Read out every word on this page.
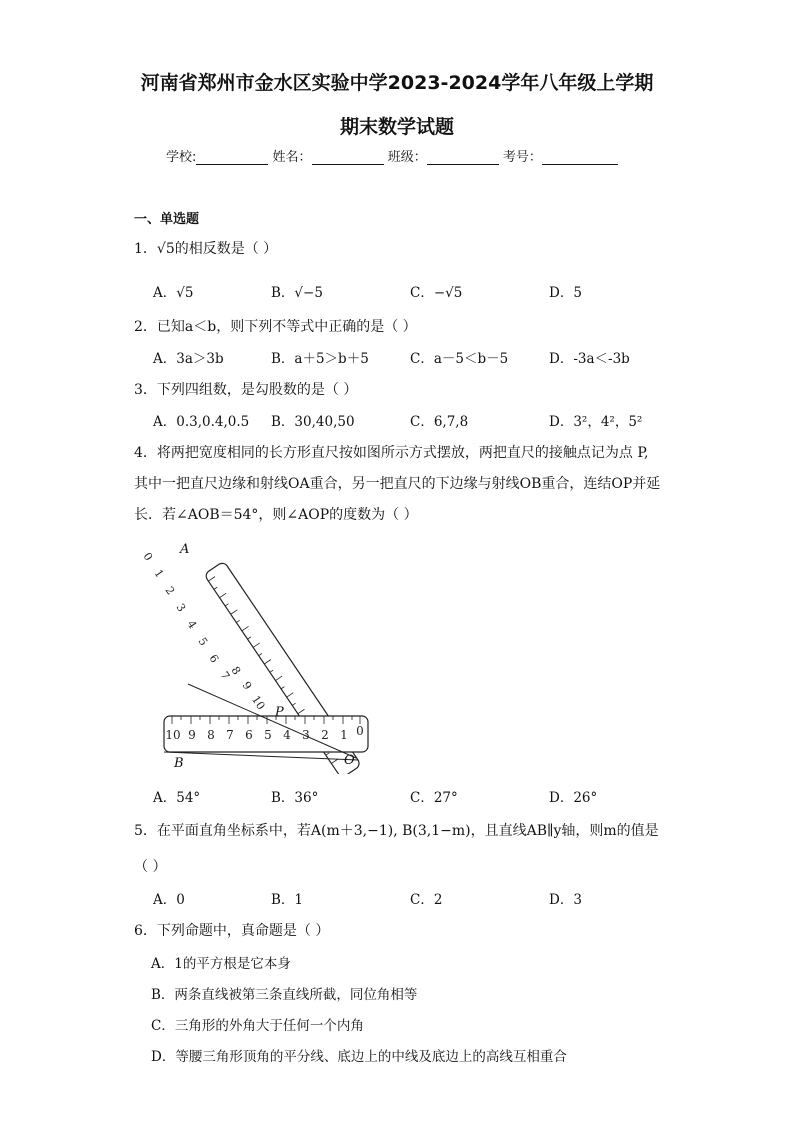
河南省郑州市金水区实验中学2023-2024学年八年级上学期
期末数学试题
学校:	姓名：	班级：	考号：
一、单选题
1．√5的相反数是（ ）
A．√5	B．√−5	C．−√5	D．5
2．已知a＜b，则下列不等式中正确的是（ ）
A．3a＞3b	B．a＋5＞b＋5	C．a－5＜b－5	D．-3a＜-3b
3．下列四组数，是勾股数的是（ ）
A．0.3,0.4,0.5 B．30,40,50	C．6,7,8	D．3²，4²，5²
4．将两把宽度相同的长方形直尺按如图所示方式摆放，两把直尺的接触点记为点 P,
其中一把直尺边缘和射线OA重合，另一把直尺的下边缘与射线OB重合，连结OP并延
长．若∠AOB＝54°，则∠AOP的度数为（ ）
0
1
2
3
4
5
6
7
8
9
10
10 9 8 7 6 5 4 3 2 1 0
A
B
P
O
A．54°	B．36°	C．27°	D．26°
5．在平面直角坐标系中，若A(m＋3,−1), B(3,1−m)，且直线AB∥y轴，则m的值是
（ ）
A．0	B．1	C．2	D．3
6．下列命题中，真命题是（ ）
A．1的平方根是它本身
B．两条直线被第三条直线所截，同位角相等
C．三角形的外角大于任何一个内角
D．等腰三角形顶角的平分线、底边上的中线及底边上的高线互相重合
